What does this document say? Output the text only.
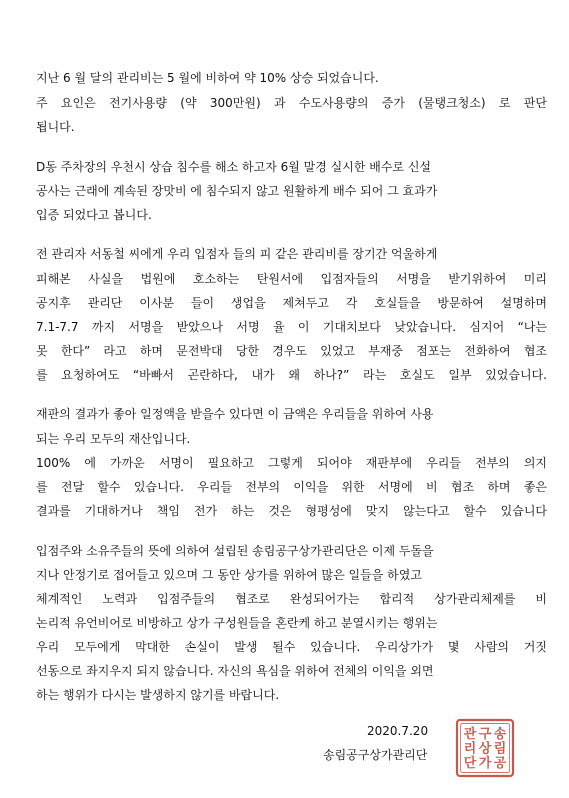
지난 6 월 달의 관리비는 5 월에 비하여 약 10% 상승 되었습니다.
주 요인은 전기사용량 (약 300만원) 과 수도사용량의 증가 (물탱크청소) 로 판단
됩니다.
D동 주차장의 우천시 상습 침수를 해소 하고자 6월 말경 실시한 배수로 신설
공사는 근래에 계속된 장맛비 에 침수되지 않고 원활하게 배수 되어 그 효과가
입증 되었다고 봅니다.
전 관리자 서동철 씨에게 우리 입점자 들의 피 같은 관리비를 장기간 억울하게
피해본 사실을 법원에 호소하는 탄원서에 입점자들의 서명을 받기위하여 미리
공지후 관리단 이사분 들이 생업을 제쳐두고 각 호실들을 방문하여 설명하며
7.1-7.7 까지 서명을 받았으나 서명 율 이 기대치보다 낮았습니다. 심지어 “나는
못 한다” 라고 하며 문전박대 당한 경우도 있었고 부재중 점포는 전화하여 협조
를 요청하여도 “바빠서 곤란하다, 내가 왜 하나?” 라는 호실도 일부 있었습니다.
재판의 결과가 좋아 일정액을 받을수 있다면 이 금액은 우리들을 위하여 사용
되는 우리 모두의 재산입니다.
100% 에 가까운 서명이 필요하고 그렇게 되어야 재판부에 우리들 전부의 의지
를 전달 할수 있습니다. 우리들 전부의 이익을 위한 서명에 비 협조 하며 좋은
결과를 기대하거나 책임 전가 하는 것은 형평성에 맞지 않는다고 할수 있습니다
입점주와 소유주들의 뜻에 의하여 설립된 송림공구상가관리단은 이제 두돌을
지나 안정기로 접어들고 있으며 그 동안 상가를 위하여 많은 일들을 하였고
체계적인 노력과 입점주들의 협조로 완성되어가는 합리적 상가관리체제를 비
논리적 유언비어로 비방하고 상가 구성원들을 혼란케 하고 분열시키는 행위는
우리 모두에게 막대한 손실이 발생 될수 있습니다. 우리상가가 몇 사람의 거짓
선동으로 좌지우지 되지 않습니다. 자신의 욕심을 위하여 전체의 이익을 외면
하는 행위가 다시는 발생하지 않기를 바랍니다.
2020.7.20
송림공구상가관리단
송
림
공
구
상
가
관
리
단
